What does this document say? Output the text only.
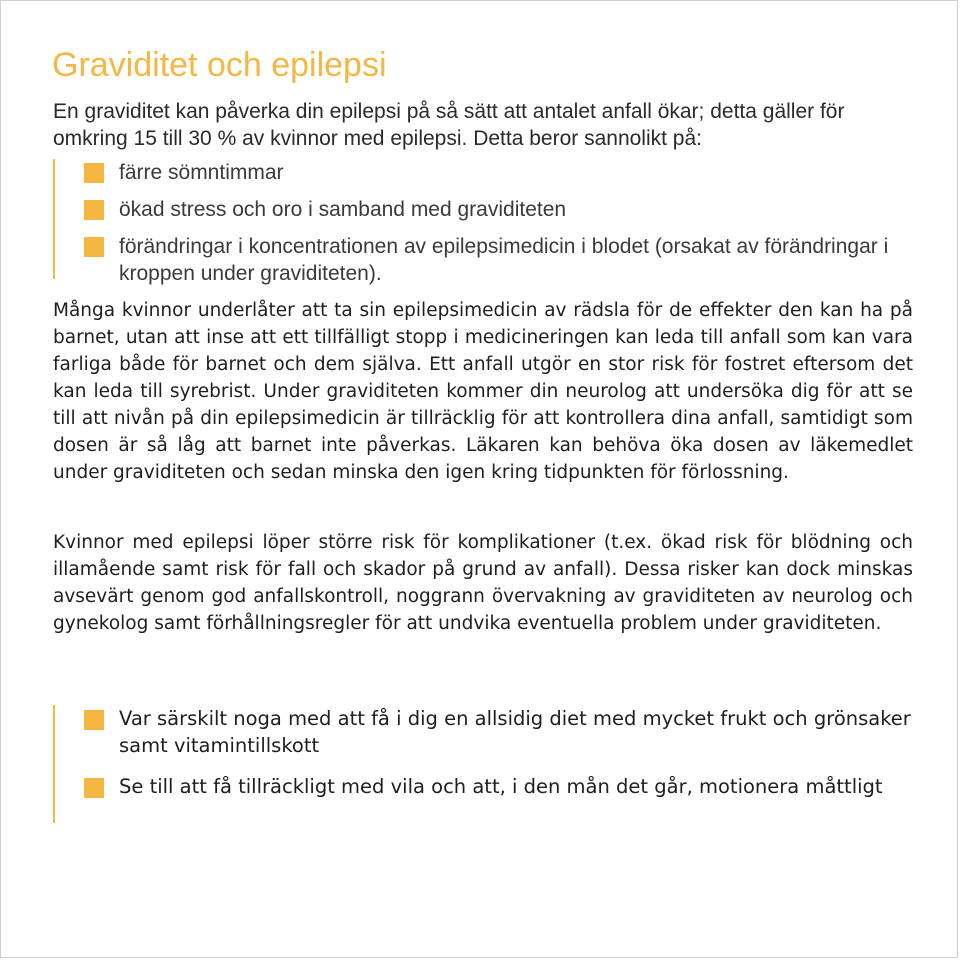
Graviditet och epilepsi

En graviditet kan påverka din epilepsi på så sätt att antalet anfall ökar; detta gäller för omkring 15 till 30 % av kvinnor med epilepsi. Detta beror sannolikt på:

färre sömntimmar
ökad stress och oro i samband med graviditeten
förändringar i koncentrationen av epilepsimedicin i blodet (orsakat av förändringar i kroppen under graviditeten).

Många kvinnor underlåter att ta sin epilepsimedicin av rädsla för de effekter den kan ha på barnet, utan att inse att ett tillfälligt stopp i medicineringen kan leda till anfall som kan vara farliga både för barnet och dem själva. Ett anfall utgör en stor risk för fostret eftersom det kan leda till syrebrist. Under graviditeten kommer din neurolog att undersöka dig för att se till att nivån på din epilepsimedicin är tillräcklig för att kontrollera dina anfall, samtidigt som dosen är så låg att barnet inte påverkas. Läkaren kan behöva öka dosen av läkemedlet under graviditeten och sedan minska den igen kring tidpunkten för förlossning.

Kvinnor med epilepsi löper större risk för komplikationer (t.ex. ökad risk för blödning och illamående samt risk för fall och skador på grund av anfall). Dessa risker kan dock minskas avsevärt genom god anfallskontroll, noggrann övervakning av graviditeten av neurolog och gynekolog samt förhållningsregler för att undvika eventuella problem under graviditeten.

Var särskilt noga med att få i dig en allsidig diet med mycket frukt och grönsaker samt vitamintillskott
Se till att få tillräckligt med vila och att, i den mån det går, motionera måttligt
